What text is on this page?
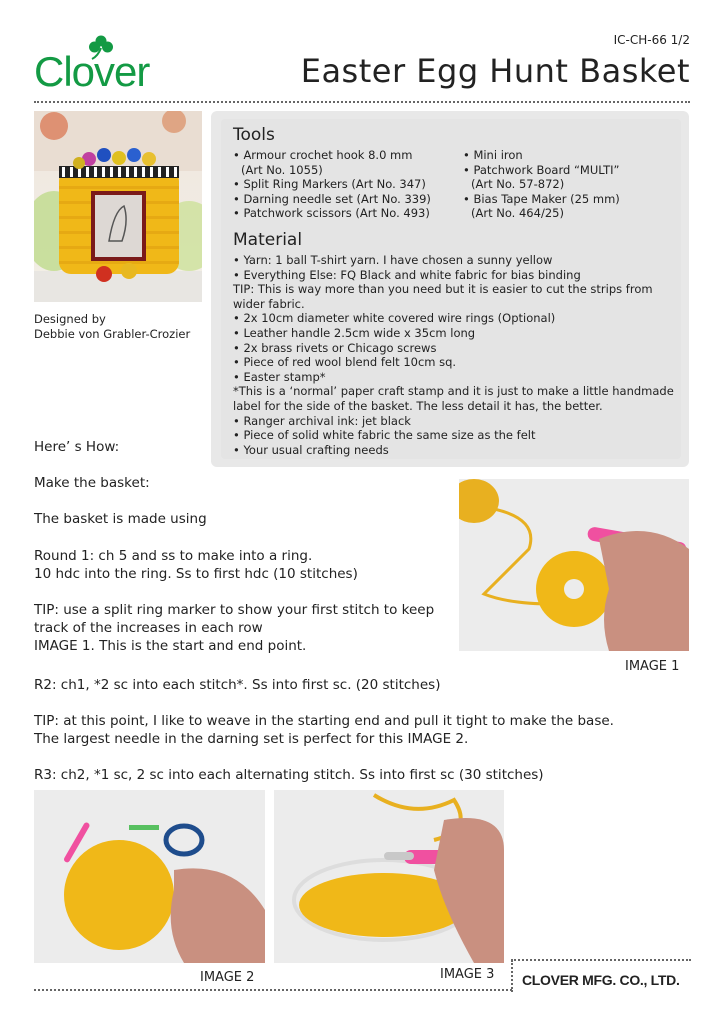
Clover
IC-CH-66 1/2
Easter Egg Hunt Basket
Designed by
Debbie von Grabler-Crozier
Tools
• Armour crochet hook 8.0 mm
(Art No. 1055)
• Split Ring Markers (Art No. 347)
• Darning needle set (Art No. 339)
• Patchwork scissors (Art No. 493)
• Mini iron
• Patchwork Board “MULTI”
(Art No. 57-872)
• Bias Tape Maker (25 mm)
(Art No. 464/25)
Material
• Yarn: 1 ball T-shirt yarn. I have chosen a sunny yellow
• Everything Else: FQ Black and white fabric for bias binding
TIP: This is way more than you need but it is easier to cut the strips from
wider fabric.
• 2x 10cm diameter white covered wire rings (Optional)
• Leather handle 2.5cm wide x 35cm long
• 2x brass rivets or Chicago screws
• Piece of red wool blend felt 10cm sq.
• Easter stamp*
*This is a ‘normal’ paper craft stamp and it is just to make a little handmade
label for the side of the basket. The less detail it has, the better.
• Ranger archival ink: jet black
• Piece of solid white fabric the same size as the felt
• Your usual crafting needs
Here’ s How:
Make the basket:
The basket is made using
Round 1: ch 5 and ss to make into a ring.
10 hdc into the ring. Ss to first hdc (10 stitches)
TIP: use a split ring marker to show your first stitch to keep
track of the increases in each row
IMAGE 1. This is the start and end point.
IMAGE 1
R2: ch1, *2 sc into each stitch*. Ss into first sc. (20 stitches)
TIP: at this point, I like to weave in the starting end and pull it tight to make the base.
The largest needle in the darning set is perfect for this IMAGE 2.
R3: ch2, *1 sc, 2 sc into each alternating stitch. Ss into first sc (30 stitches)
IMAGE 2	IMAGE 3 CLOVER MFG. CO., LTD.
